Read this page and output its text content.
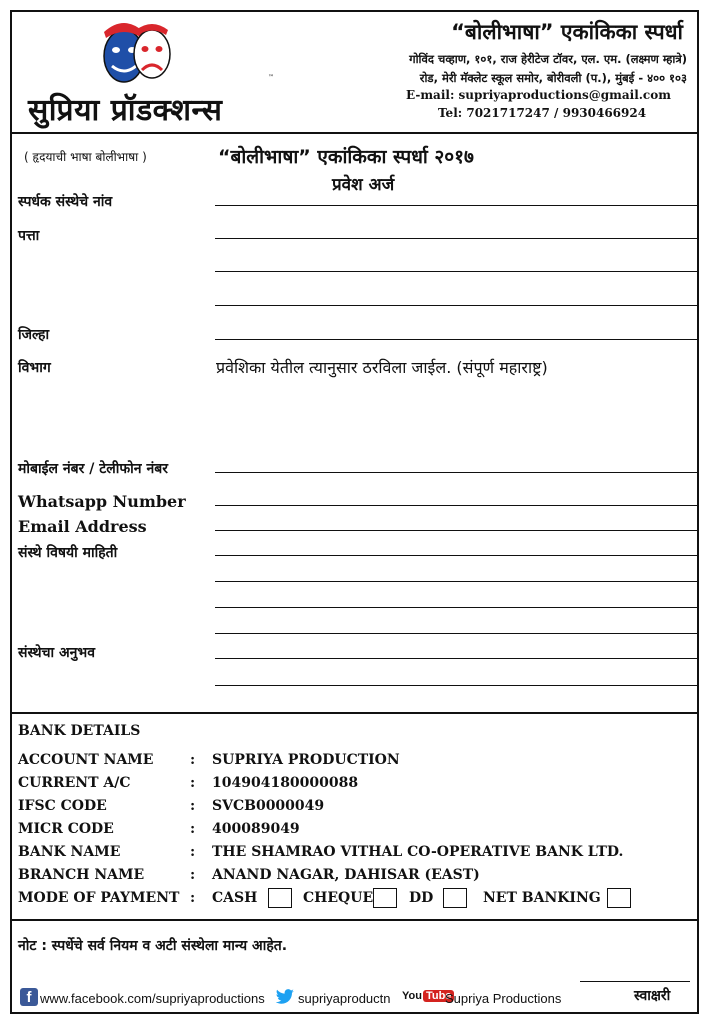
सुप्रिया प्रॉडक्शन्स
™
“बोलीभाषा” एकांकिका स्पर्धा
गोविंद चव्हाण, १०१, राज हेरीटेज टॉवर, एल. एम. (लक्ष्मण म्हात्रे)
रोड, मेरी मॅक्लेट स्कूल समोर, बोरीवली (प.), मुंबई - ४०० १०३
E-mail: supriyaproductions@gmail.com
Tel: 7021717247 / 9930466924
( हृदयाची भाषा बोलीभाषा )	“बोलीभाषा” एकांकिका स्पर्धा २०१७
प्रवेश अर्ज
स्पर्धक संस्थेचे नांव
पत्ता
जिल्हा
विभाग	प्रवेशिका येतील त्यानुसार ठरविला जाईल. (संपूर्ण महाराष्ट्र)
मोबाईल नंबर / टेलीफोन नंबर
Whatsapp Number
Email Address
संस्थे विषयी माहिती
संस्थेचा अनुभव
BANK DETAILS
ACCOUNT NAME	: SUPRIYA PRODUCTION
CURRENT A/C	: 104904180000088
IFSC CODE	: SVCB0000049
MICR CODE	: 400089049
BANK NAME	: THE SHAMRAO VITHAL CO-OPERATIVE BANK LTD.
BRANCH NAME	: ANAND NAGAR, DAHISAR (EAST)
MODE OF PAYMENT : CASH	CHEQUE	DD	NET BANKING
नोट : स्पर्धेचे सर्व नियम व अटी संस्थेला मान्य आहेत.
स्वाक्षरी
f www.facebook.com/supriyaproductions	supriyaproductn You Tube
Supriya Productions
